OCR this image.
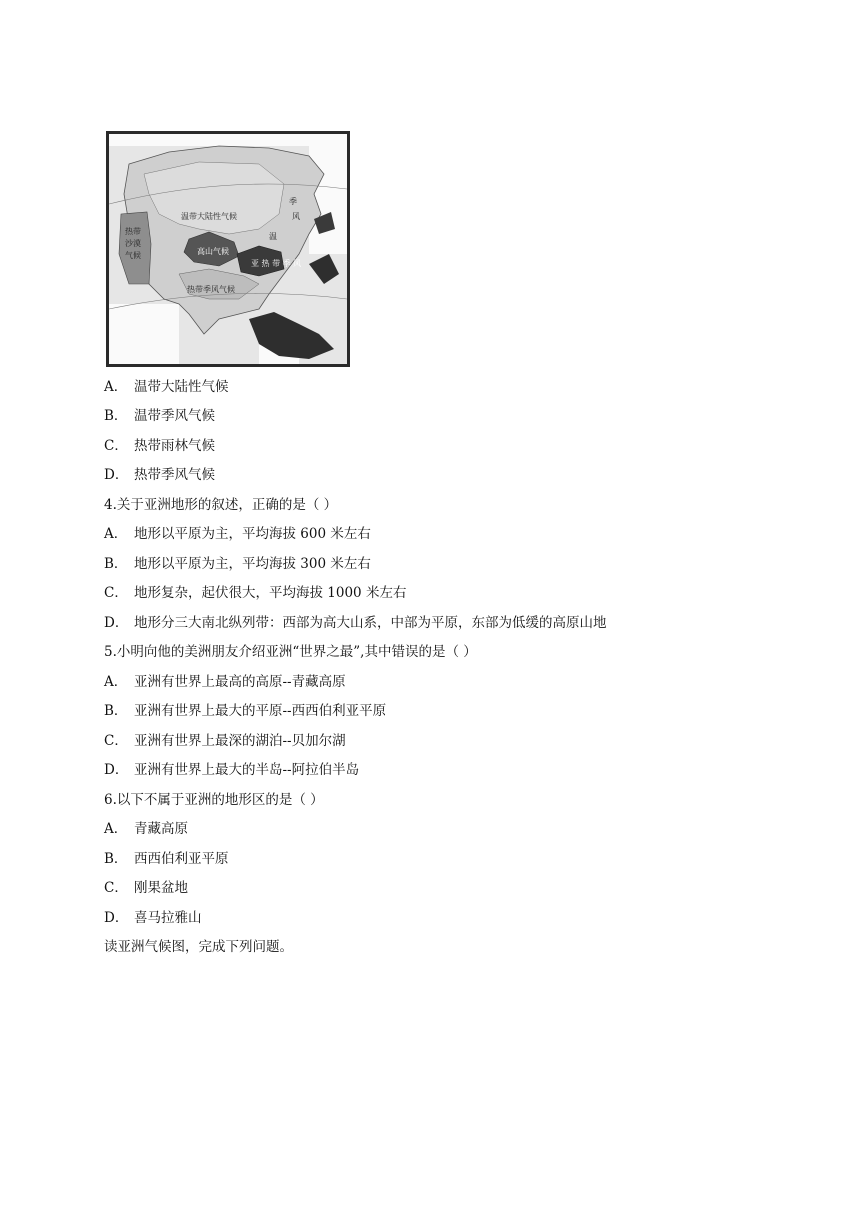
温带大陆性气候
季
风
温
亚 热 带 季 风
高山气候
热带季风气候
热带
沙漠
气候
A． 温带大陆性气候
B． 温带季风气候
C． 热带雨林气候
D． 热带季风气候
4.关于亚洲地形的叙述，正确的是（ ）
A． 地形以平原为主，平均海拔 600 米左右
B． 地形以平原为主，平均海拔 300 米左右
C． 地形复杂，起伏很大，平均海拔 1000 米左右
D． 地形分三大南北纵列带：西部为高大山系，中部为平原，东部为低缓的高原山地
5.小明向他的美洲朋友介绍亚洲“世界之最”,其中错误的是（ ）
A． 亚洲有世界上最高的高原--青藏高原
B． 亚洲有世界上最大的平原--西西伯利亚平原
C． 亚洲有世界上最深的湖泊--贝加尔湖
D． 亚洲有世界上最大的半岛--阿拉伯半岛
6.以下不属于亚洲的地形区的是（ ）
A． 青藏高原
B． 西西伯利亚平原
C． 刚果盆地
D． 喜马拉雅山
读亚洲气候图，完成下列问题。
